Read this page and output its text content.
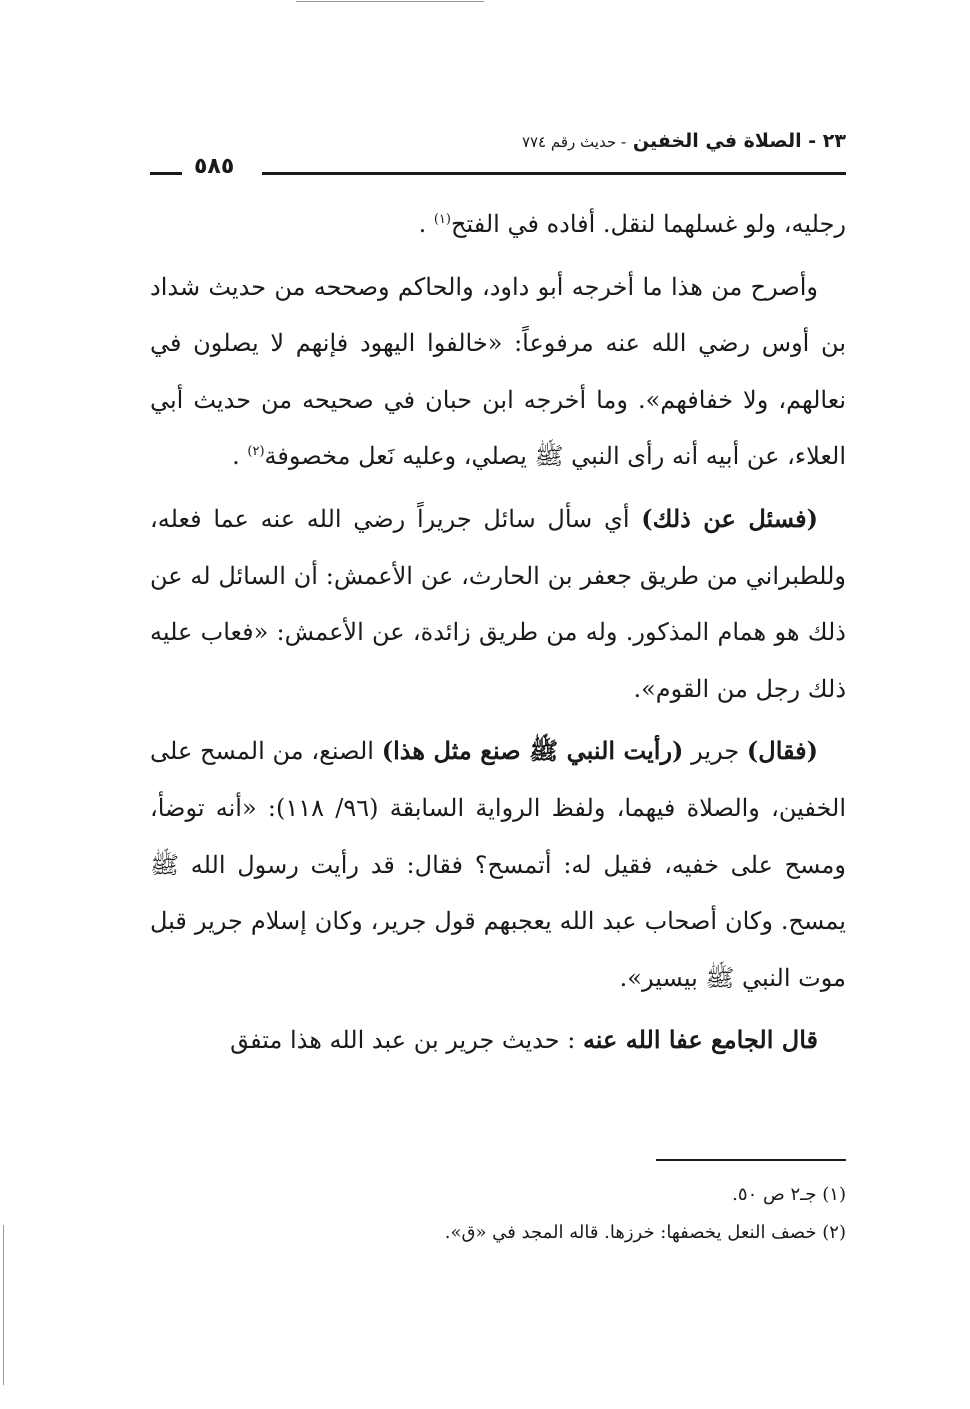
٢٣ - الصلاة في الخفين - حديث رقم ٧٧٤
٥٨٥

رجليه، ولو غسلهما لنقل. أفاده في الفتح$^{(١)}$ .

وأصرح من هذا ما أخرجه أبو داود، والحاكم وصححه من حديث شداد بن أوس رضي الله عنه مرفوعاً: «خالفوا اليهود فإنهم لا يصلون في نعالهم، ولا خفافهم». وما أخرجه ابن حبان في صحيحه من حديث أبي العلاء، عن أبيه أنه رأى النبي ﷺ يصلي، وعليه نَعل مخصوفة$^{(٢)}$ .

(فسئل عن ذلك) أي سأل سائل جريراً رضي الله عنه عما فعله، وللطبراني من طريق جعفر بن الحارث، عن الأعمش: أن السائل له عن ذلك هو همام المذكور. وله من طريق زائدة، عن الأعمش: «فعاب عليه ذلك رجل من القوم».

(فقال) جرير (رأيت النبي ﷺ صنع مثل هذا) الصنع، من المسح على الخفين، والصلاة فيهما، ولفظ الرواية السابقة (٩٦/ ١١٨): «أنه توضأ، ومسح على خفيه، فقيل له: أتمسح؟ فقال: قد رأيت رسول الله ﷺ يمسح. وكان أصحاب عبد الله يعجبهم قول جرير، وكان إسلام جرير قبل موت النبي ﷺ بيسير».

قال الجامع عفا الله عنه : حديث جرير بن عبد الله هذا متفق

(١) جـ٢ ص ٥٠.
(٢) خصف النعل يخصفها: خرزها. قاله المجد في «ق».
